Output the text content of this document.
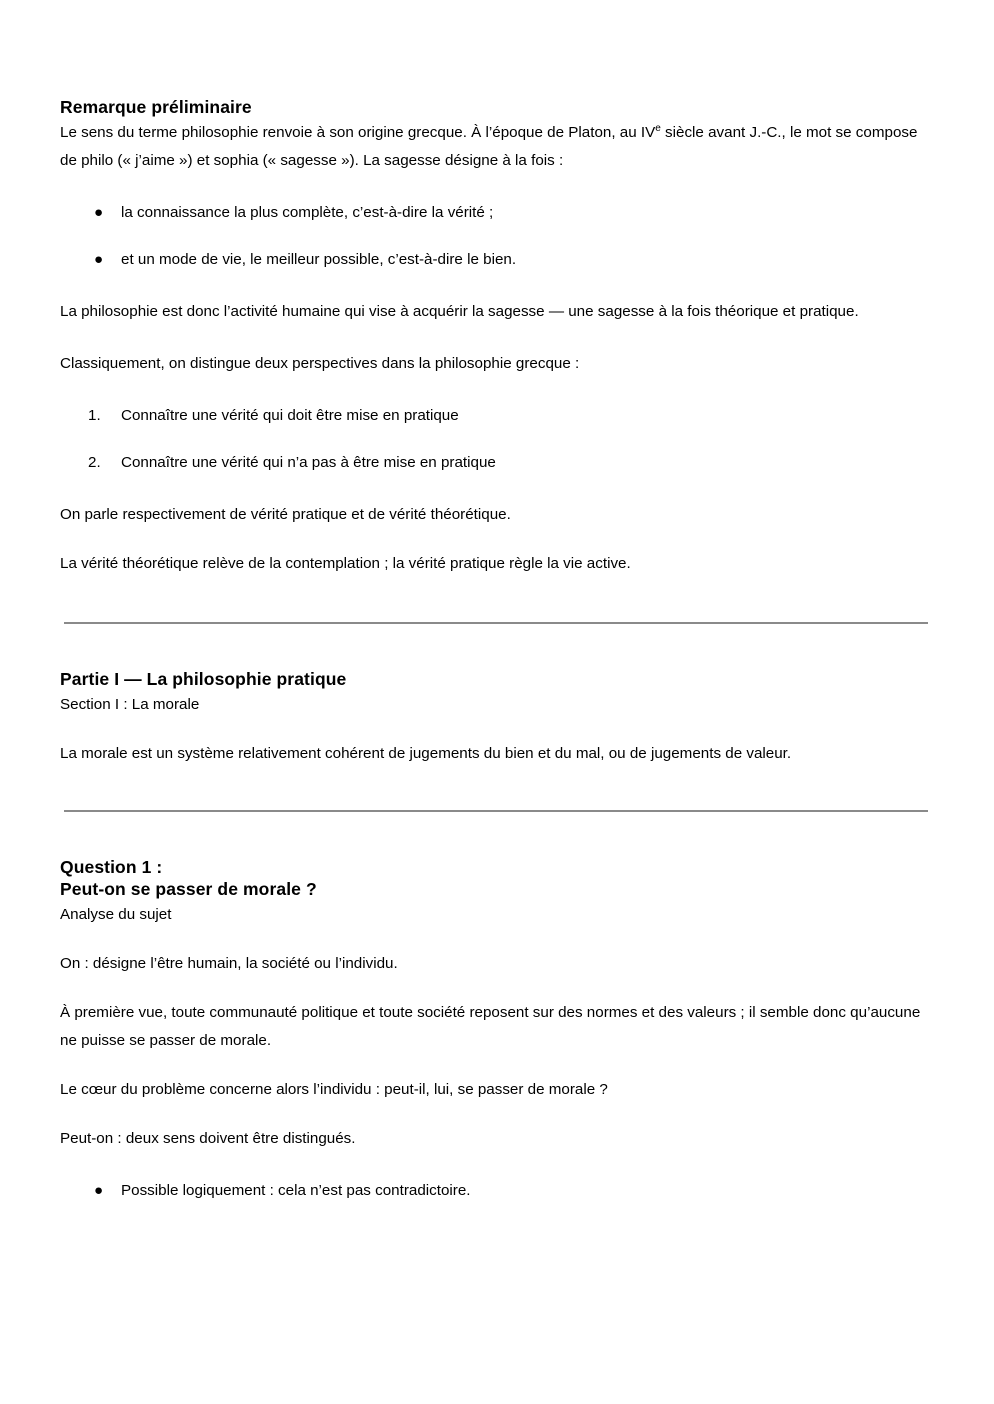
Remarque préliminaire

Le sens du terme philosophie renvoie à son origine grecque. À l’époque de Platon, au IVe siècle avant J.-C., le mot se compose de philo (« j’aime ») et sophia (« sagesse »). La sagesse désigne à la fois :

● la connaissance la plus complète, c’est-à-dire la vérité ;
● et un mode de vie, le meilleur possible, c’est-à-dire le bien.

La philosophie est donc l’activité humaine qui vise à acquérir la sagesse — une sagesse à la fois théorique et pratique.

Classiquement, on distingue deux perspectives dans la philosophie grecque :

1. Connaître une vérité qui doit être mise en pratique
2. Connaître une vérité qui n’a pas à être mise en pratique

On parle respectivement de vérité pratique et de vérité théorétique.

La vérité théorétique relève de la contemplation ; la vérité pratique règle la vie active.

Partie I — La philosophie pratique

Section I : La morale

La morale est un système relativement cohérent de jugements du bien et du mal, ou de jugements de valeur.

Question 1 :
Peut-on se passer de morale ?

Analyse du sujet

On : désigne l’être humain, la société ou l’individu.

À première vue, toute communauté politique et toute société reposent sur des normes et des valeurs ; il semble donc qu’aucune ne puisse se passer de morale.

Le cœur du problème concerne alors l’individu : peut-il, lui, se passer de morale ?

Peut-on : deux sens doivent être distingués.

● Possible logiquement : cela n’est pas contradictoire.
